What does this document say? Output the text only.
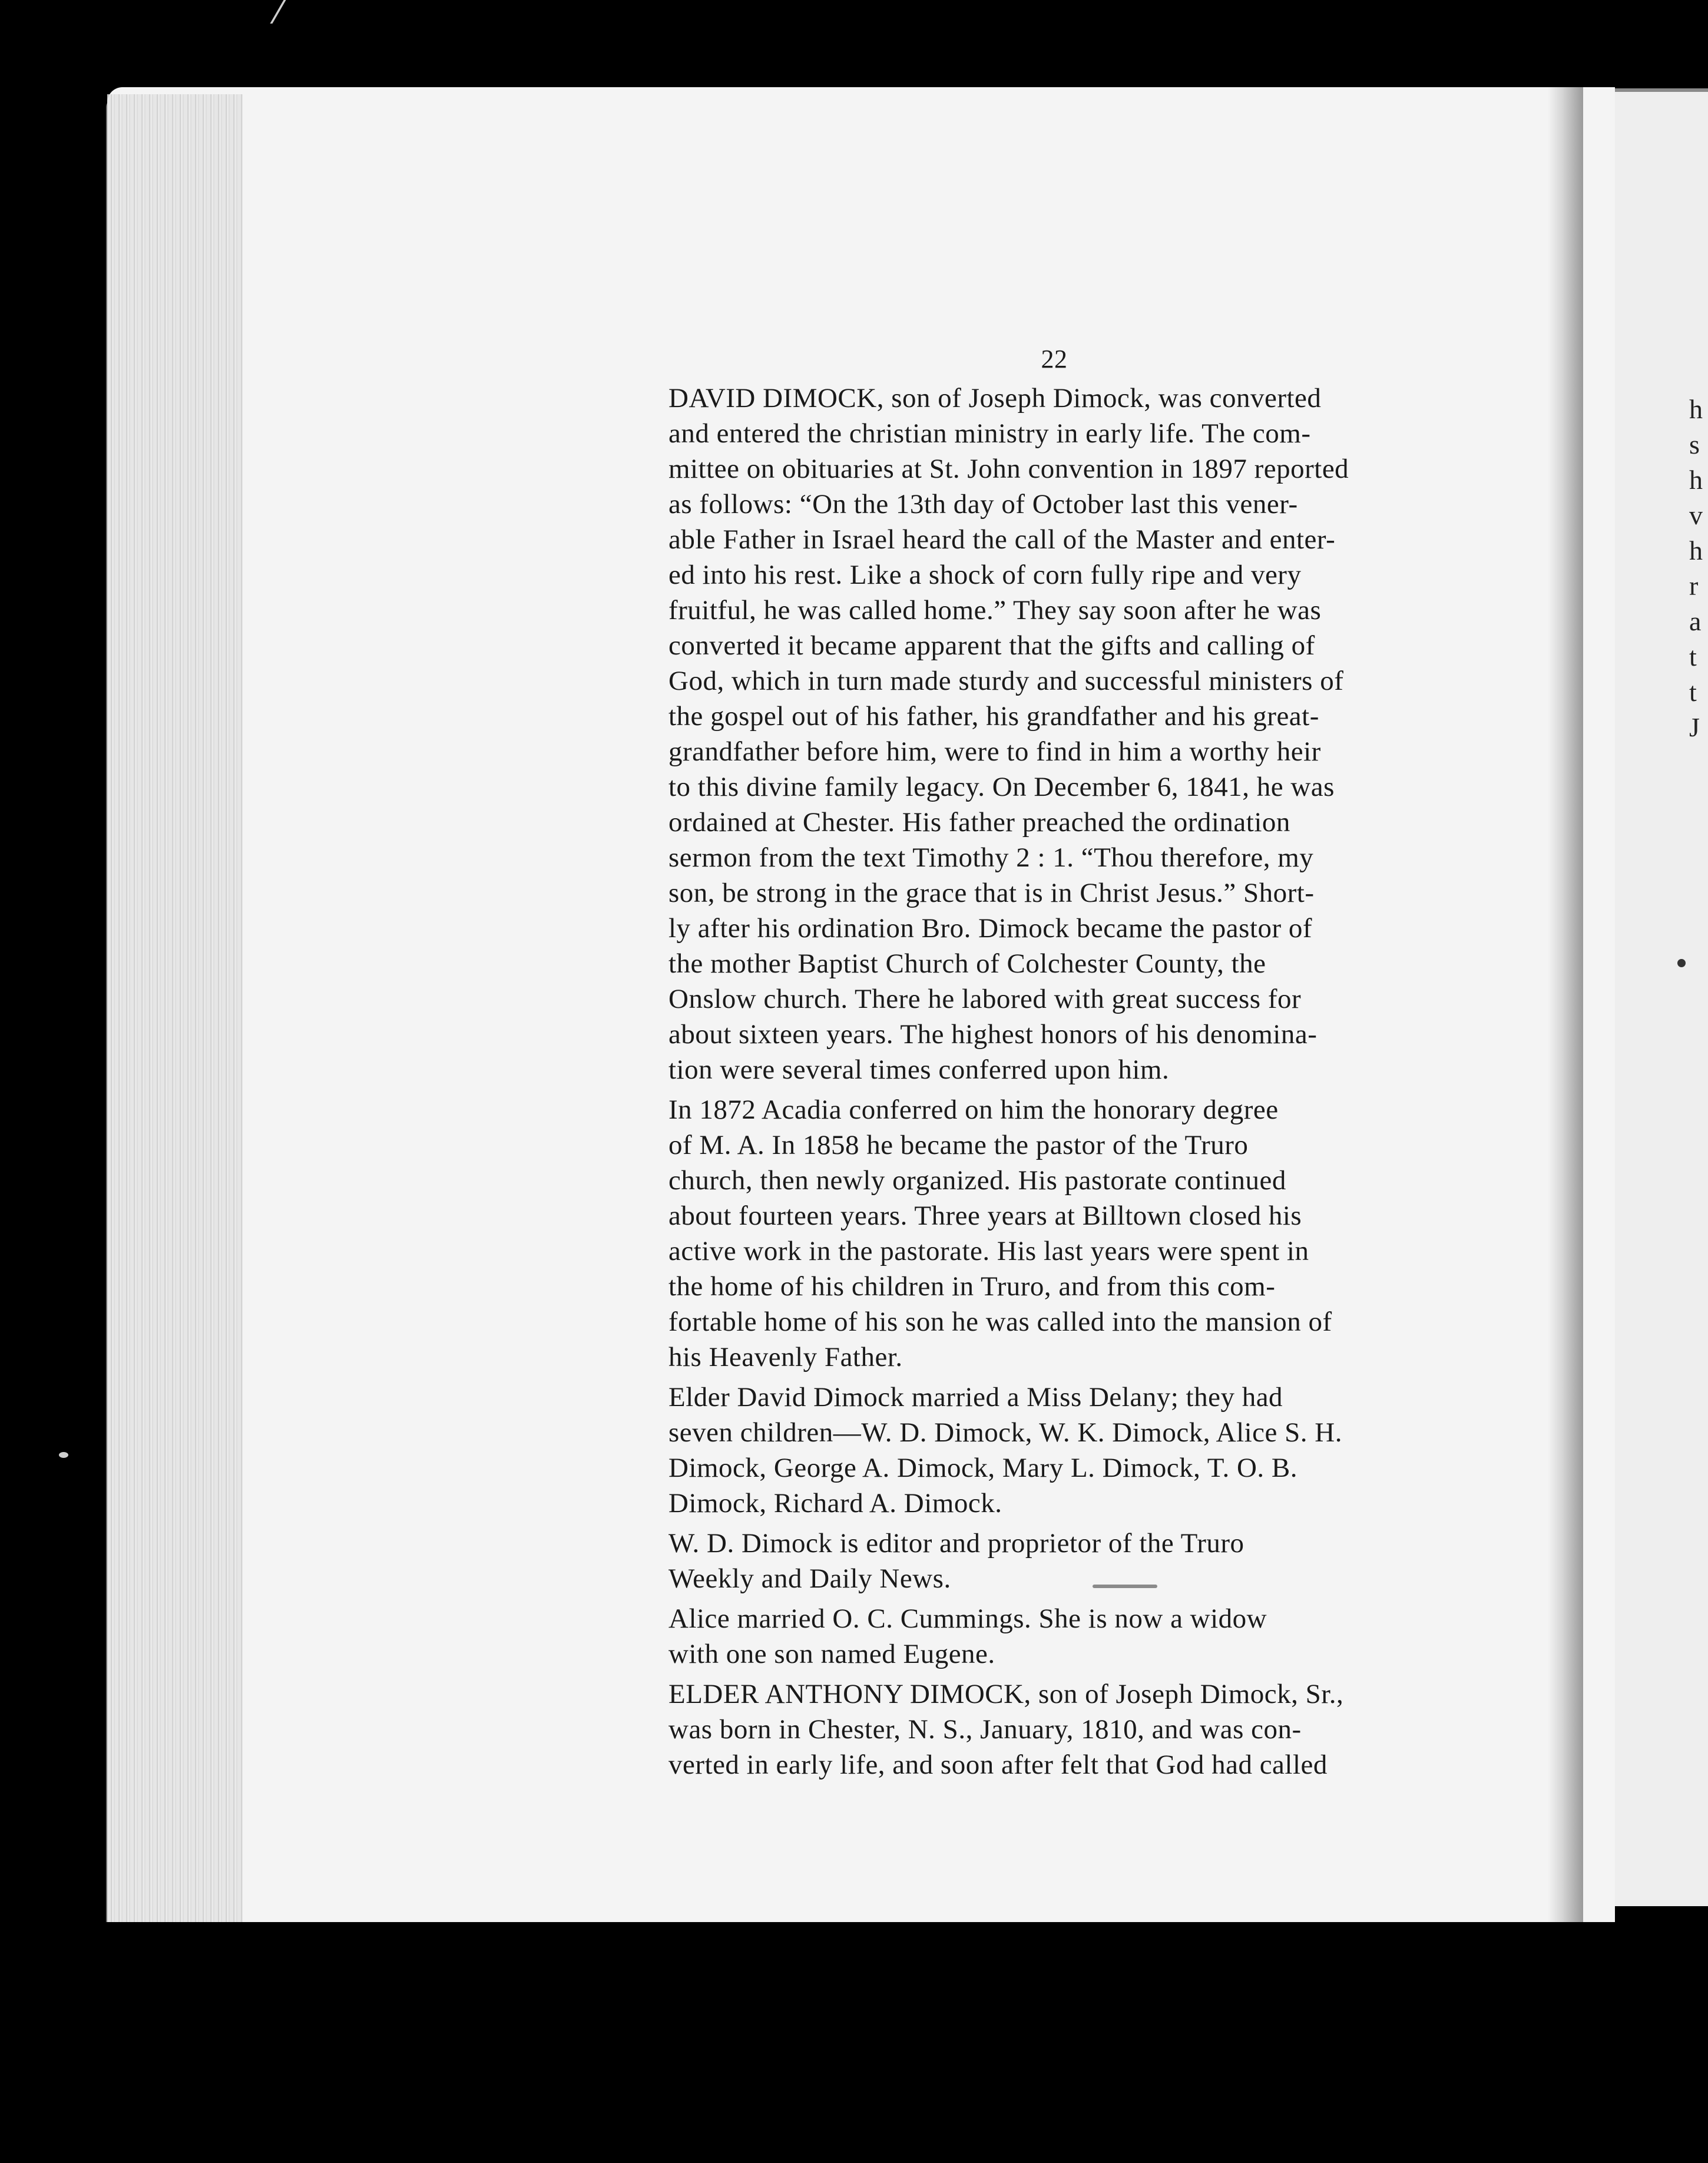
22
DAVID DIMOCK, son of Joseph Dimock, was converted
and entered the christian ministry in early life. The com-
mittee on obituaries at St. John convention in 1897 reported
as follows: “On the 13th day of October last this vener-
able Father in Israel heard the call of the Master and enter-
ed into his rest. Like a shock of corn fully ripe and very
fruitful, he was called home.” They say soon after he was
converted it became apparent that the gifts and calling of
God, which in turn made sturdy and successful ministers of
the gospel out of his father, his grandfather and his great-
grandfather before him, were to find in him a worthy heir
to this divine family legacy. On December 6, 1841, he was
ordained at Chester. His father preached the ordination
sermon from the text Timothy 2 : 1. “Thou therefore, my
son, be strong in the grace that is in Christ Jesus.” Short-
ly after his ordination Bro. Dimock became the pastor of
the mother Baptist Church of Colchester County, the
Onslow church. There he labored with great success for
about sixteen years. The highest honors of his denomina-
tion were several times conferred upon him.
In 1872 Acadia conferred on him the honorary degree
of M. A. In 1858 he became the pastor of the Truro
church, then newly organized. His pastorate continued
about fourteen years. Three years at Billtown closed his
active work in the pastorate. His last years were spent in
the home of his children in Truro, and from this com-
fortable home of his son he was called into the mansion of
his Heavenly Father.
Elder David Dimock married a Miss Delany; they had
seven children—W. D. Dimock, W. K. Dimock, Alice S. H.
Dimock, George A. Dimock, Mary L. Dimock, T. O. B.
Dimock, Richard A. Dimock.
W. D. Dimock is editor and proprietor of the Truro
Weekly and Daily News.
Alice married O. C. Cummings. She is now a widow
with one son named Eugene.
ELDER ANTHONY DIMOCK, son of Joseph Dimock, Sr.,
was born in Chester, N. S., January, 1810, and was con-
verted in early life, and soon after felt that God had called
h
s
h
v
h
r
a
t
t
J
